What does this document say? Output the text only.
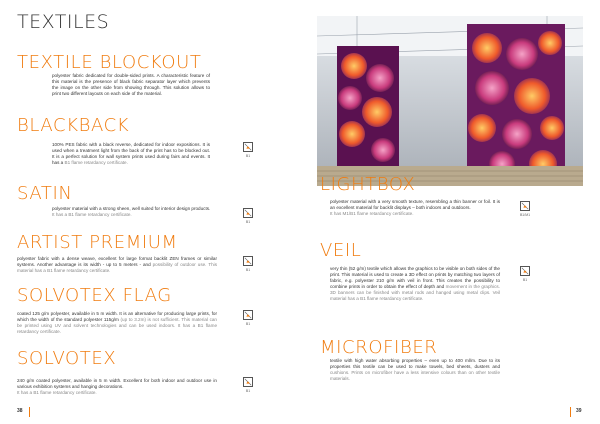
TEXTILES
TEXTILE BLOCKOUT
polyester fabric dedicated for double-sided prints. A characteristic feature of this material is the presence of black fabric separator layer which prevents the image on the other side from showing through. This solution allows to print two different layouts on each side of the material.
BLACKBACK
100% PES fabric with a black reverse, dedicated for indoor expositions. It is used when a treatment light from the back of the print has to be blocked out. It is a perfect solution for wall system prints used during fairs and events. It has a B1 flame retardancy certificate.
B1
SATIN
polyester material with a strong sheen, well suited for interior design products.
It has a B1 flame retardancy certificate.
B1
ARTIST PREMIUM
polyester fabric with a dense weave, excellent for large format backlit ZEN frames or similar systems. Another advantage is its width - up to 5 meters - and possibility of outdoor use. This material has a B1 flame retardancy certificate.	B1
SOLVOTEX FLAG
coated 125 g/m polyester, available in 5 m width. It is an alternative for producing large prints, for which the width of the standard polyester 115g/m (up to 3.2m) is not sufficient. This material can be printed using UV and solvent technologies and can be used indoors. It has a B1 flame retardancy certificate.
B1
SOLVOTEX
240 g/m coated polyester, available in 5 m width. Excellent for both indoor and outdoor use in various exhibition systems and hanging decorations.
It has a B1 flame retardancy certificate.	B1
38
LIGHTBOX
polyester material with a very smooth texture, resembling a thin banner or foil. It is an excellent material for backlit displays – both indoors and outdoors.
It has M1/B1 flame retardancy certificate.	B1/M1
VEIL
very thin (52 g/m) textile which allows the graphics to be visible on both sides of the print. This material is used to create a 3D effect on prints by matching two layers of fabric, e.g. polyester 210 g/m with veil in front. This creates the possibility to combine prints in order to obtain the effect of depth and movement in the graphics. 3D banners can be finished with metal rods and hanged using metal clips. Veil material has a B1 flame retardancy certificate.
B1
MICROFIBER
textile with high water absorbing properties – even up to 400 ml/m. Due to its properties this textile can be used to make towels, bed sheets, dusters and cushions. Prints on microfiber have a less intensive colours than on other textile materials.
39
